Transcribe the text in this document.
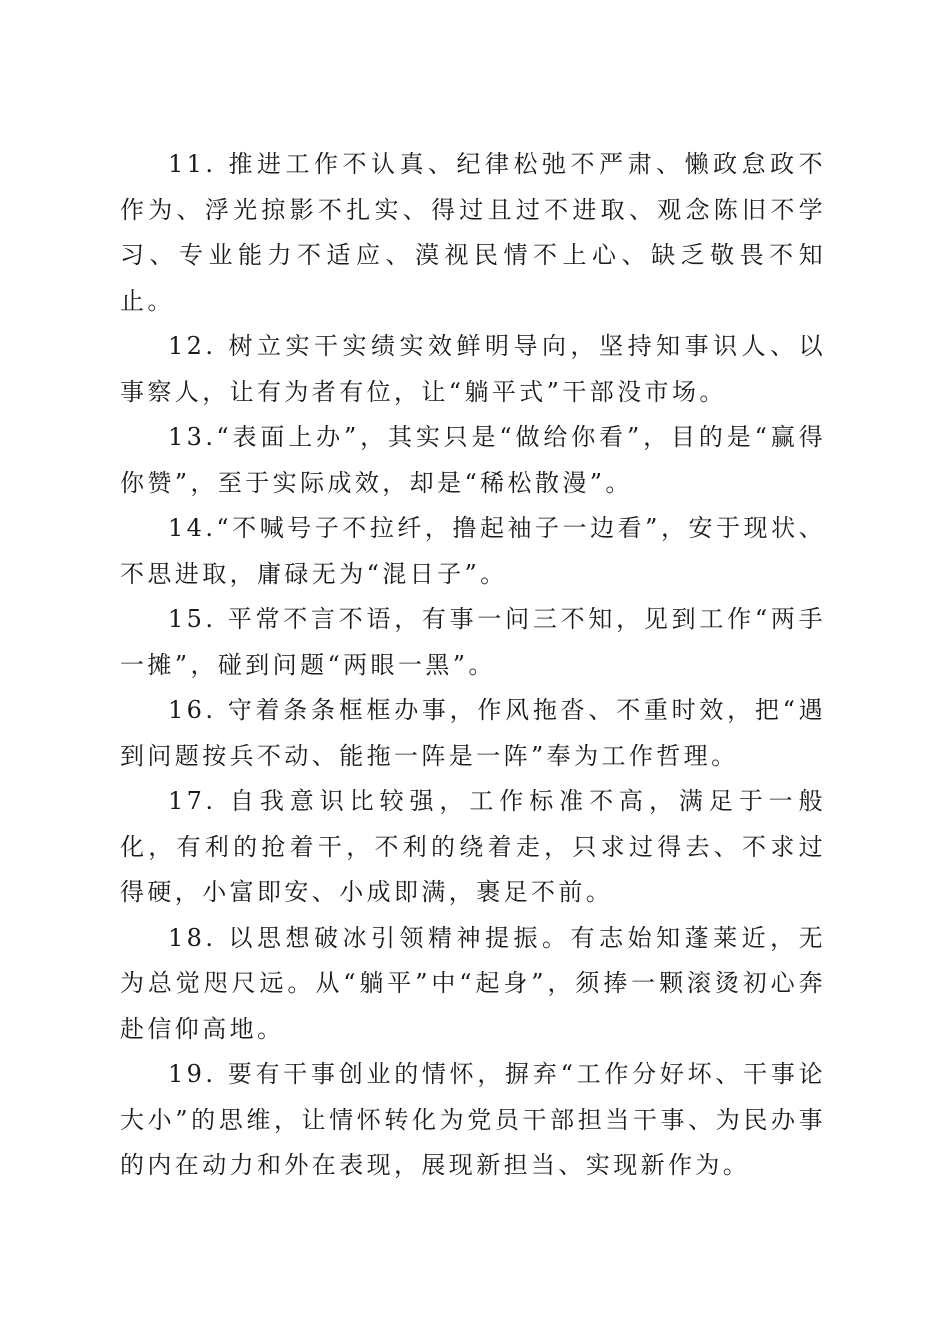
11. 推进工作不认真、纪律松弛不严肃、懒政怠政不作为、浮光掠影不扎实、得过且过不进取、观念陈旧不学习、专业能力不适应、漠视民情不上心、缺乏敬畏不知止。

12. 树立实干实绩实效鲜明导向，坚持知事识人、以事察人，让有为者有位，让“躺平式”干部没市场。

13.“表面上办”，其实只是“做给你看”，目的是“赢得你赞”，至于实际成效，却是“稀松散漫”。

14.“不喊号子不拉纤，撸起袖子一边看”，安于现状、不思进取，庸碌无为“混日子”。

15. 平常不言不语，有事一问三不知，见到工作“两手一摊”，碰到问题“两眼一黑”。

16. 守着条条框框办事，作风拖沓、不重时效，把“遇到问题按兵不动、能拖一阵是一阵”奉为工作哲理。

17. 自我意识比较强，工作标准不高，满足于一般化，有利的抢着干，不利的绕着走，只求过得去、不求过得硬，小富即安、小成即满，裹足不前。

18. 以思想破冰引领精神提振。有志始知蓬莱近，无为总觉咫尺远。从“躺平”中“起身”，须捧一颗滚烫初心奔赴信仰高地。

19. 要有干事创业的情怀，摒弃“工作分好坏、干事论大小”的思维，让情怀转化为党员干部担当干事、为民办事的内在动力和外在表现，展现新担当、实现新作为。
